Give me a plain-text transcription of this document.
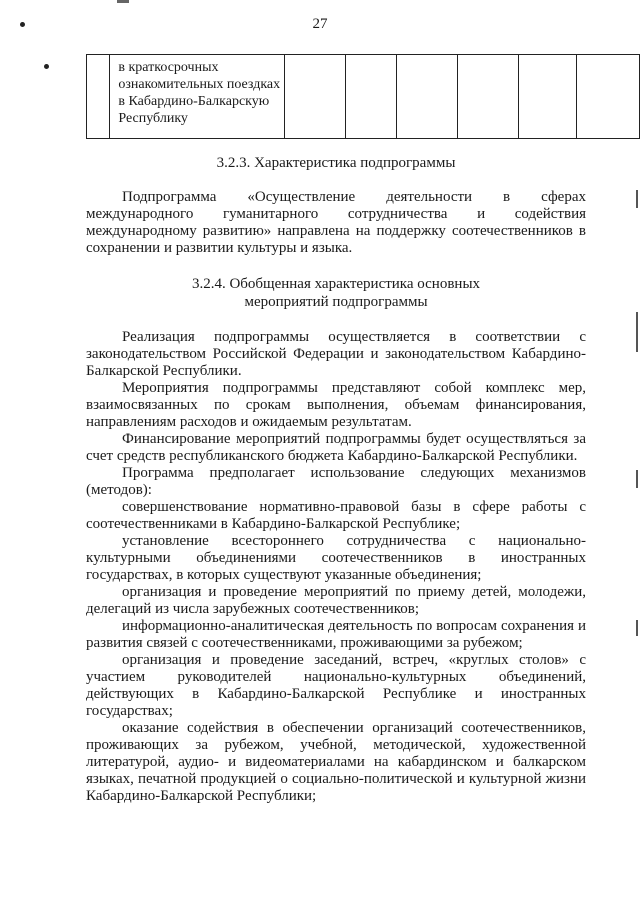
27
	в краткосрочных ознакомительных поездках в Кабардино-Балкарскую Республику						
3.2.3. Характеристика подпрограммы
Подпрограмма «Осуществление деятельности в сферах международного гуманитарного сотрудничества и содействия международному развитию» направлена на поддержку соотечественников в сохранении и развитии культуры и языка.
3.2.4. Обобщенная характеристика основных
мероприятий подпрограммы
Реализация подпрограммы осуществляется в соответствии с законодательством Российской Федерации и законодательством Кабардино-Балкарской Республики.
Мероприятия подпрограммы представляют собой комплекс мер, взаимосвязанных по срокам выполнения, объемам финансирования, направлениям расходов и ожидаемым результатам.
Финансирование мероприятий подпрограммы будет осуществляться за счет средств республиканского бюджета Кабардино-Балкарской Республики.
Программа предполагает использование следующих механизмов (методов):
совершенствование нормативно-правовой базы в сфере работы с соотечественниками в Кабардино-Балкарской Республике;
установление всестороннего сотрудничества с национально-культурными объединениями соотечественников в иностранных государствах, в которых существуют указанные объединения;
организация и проведение мероприятий по приему детей, молодежи, делегаций из числа зарубежных соотечественников;
информационно-аналитическая деятельность по вопросам сохранения и развития связей с соотечественниками, проживающими за рубежом;
организация и проведение заседаний, встреч, «круглых столов» с участием руководителей национально-культурных объединений, действующих в Кабардино-Балкарской Республике и иностранных государствах;
оказание содействия в обеспечении организаций соотечественников, проживающих за рубежом, учебной, методической, художественной литературой, аудио- и видеоматериалами на кабардинском и балкарском языках, печатной продукцией о социально-политической и культурной жизни Кабардино-Балкарской Республики;
